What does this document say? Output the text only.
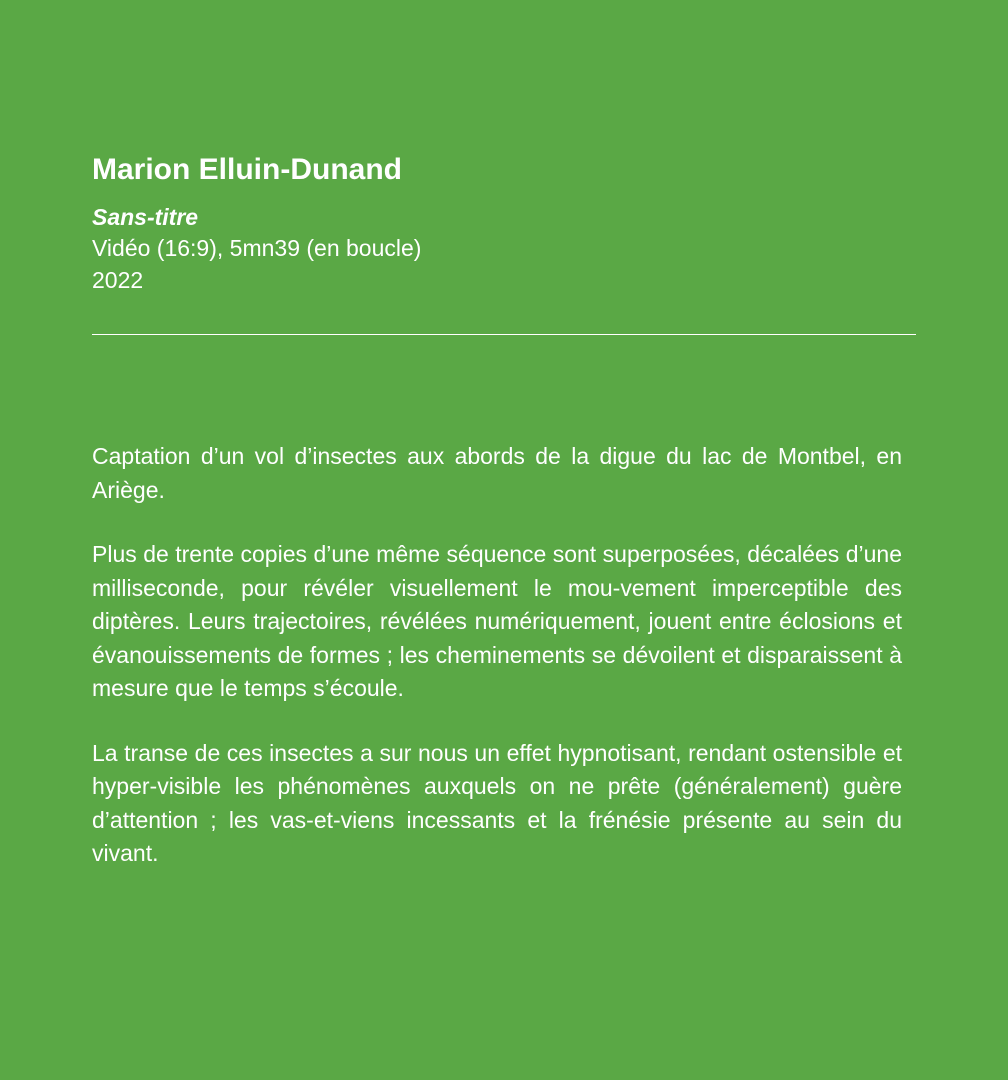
Marion Elluin-Dunand
Sans-titre
Vidéo (16:9), 5mn39 (en boucle)
2022

Captation d’un vol d’insectes aux abords de la digue du lac de Montbel, en Ariège.

Plus de trente copies d’une même séquence sont superposées, décalées d’une milliseconde, pour révéler visuellement le mou-vement imperceptible des diptères. Leurs trajectoires, révélées numériquement, jouent entre éclosions et évanouissements de formes ; les cheminements se dévoilent et disparaissent à mesure que le temps s’écoule.

La transe de ces insectes a sur nous un effet hypnotisant, rendant ostensible et hyper-visible les phénomènes auxquels on ne prête (généralement) guère d’attention ; les vas-et-viens incessants et la frénésie présente au sein du vivant.
